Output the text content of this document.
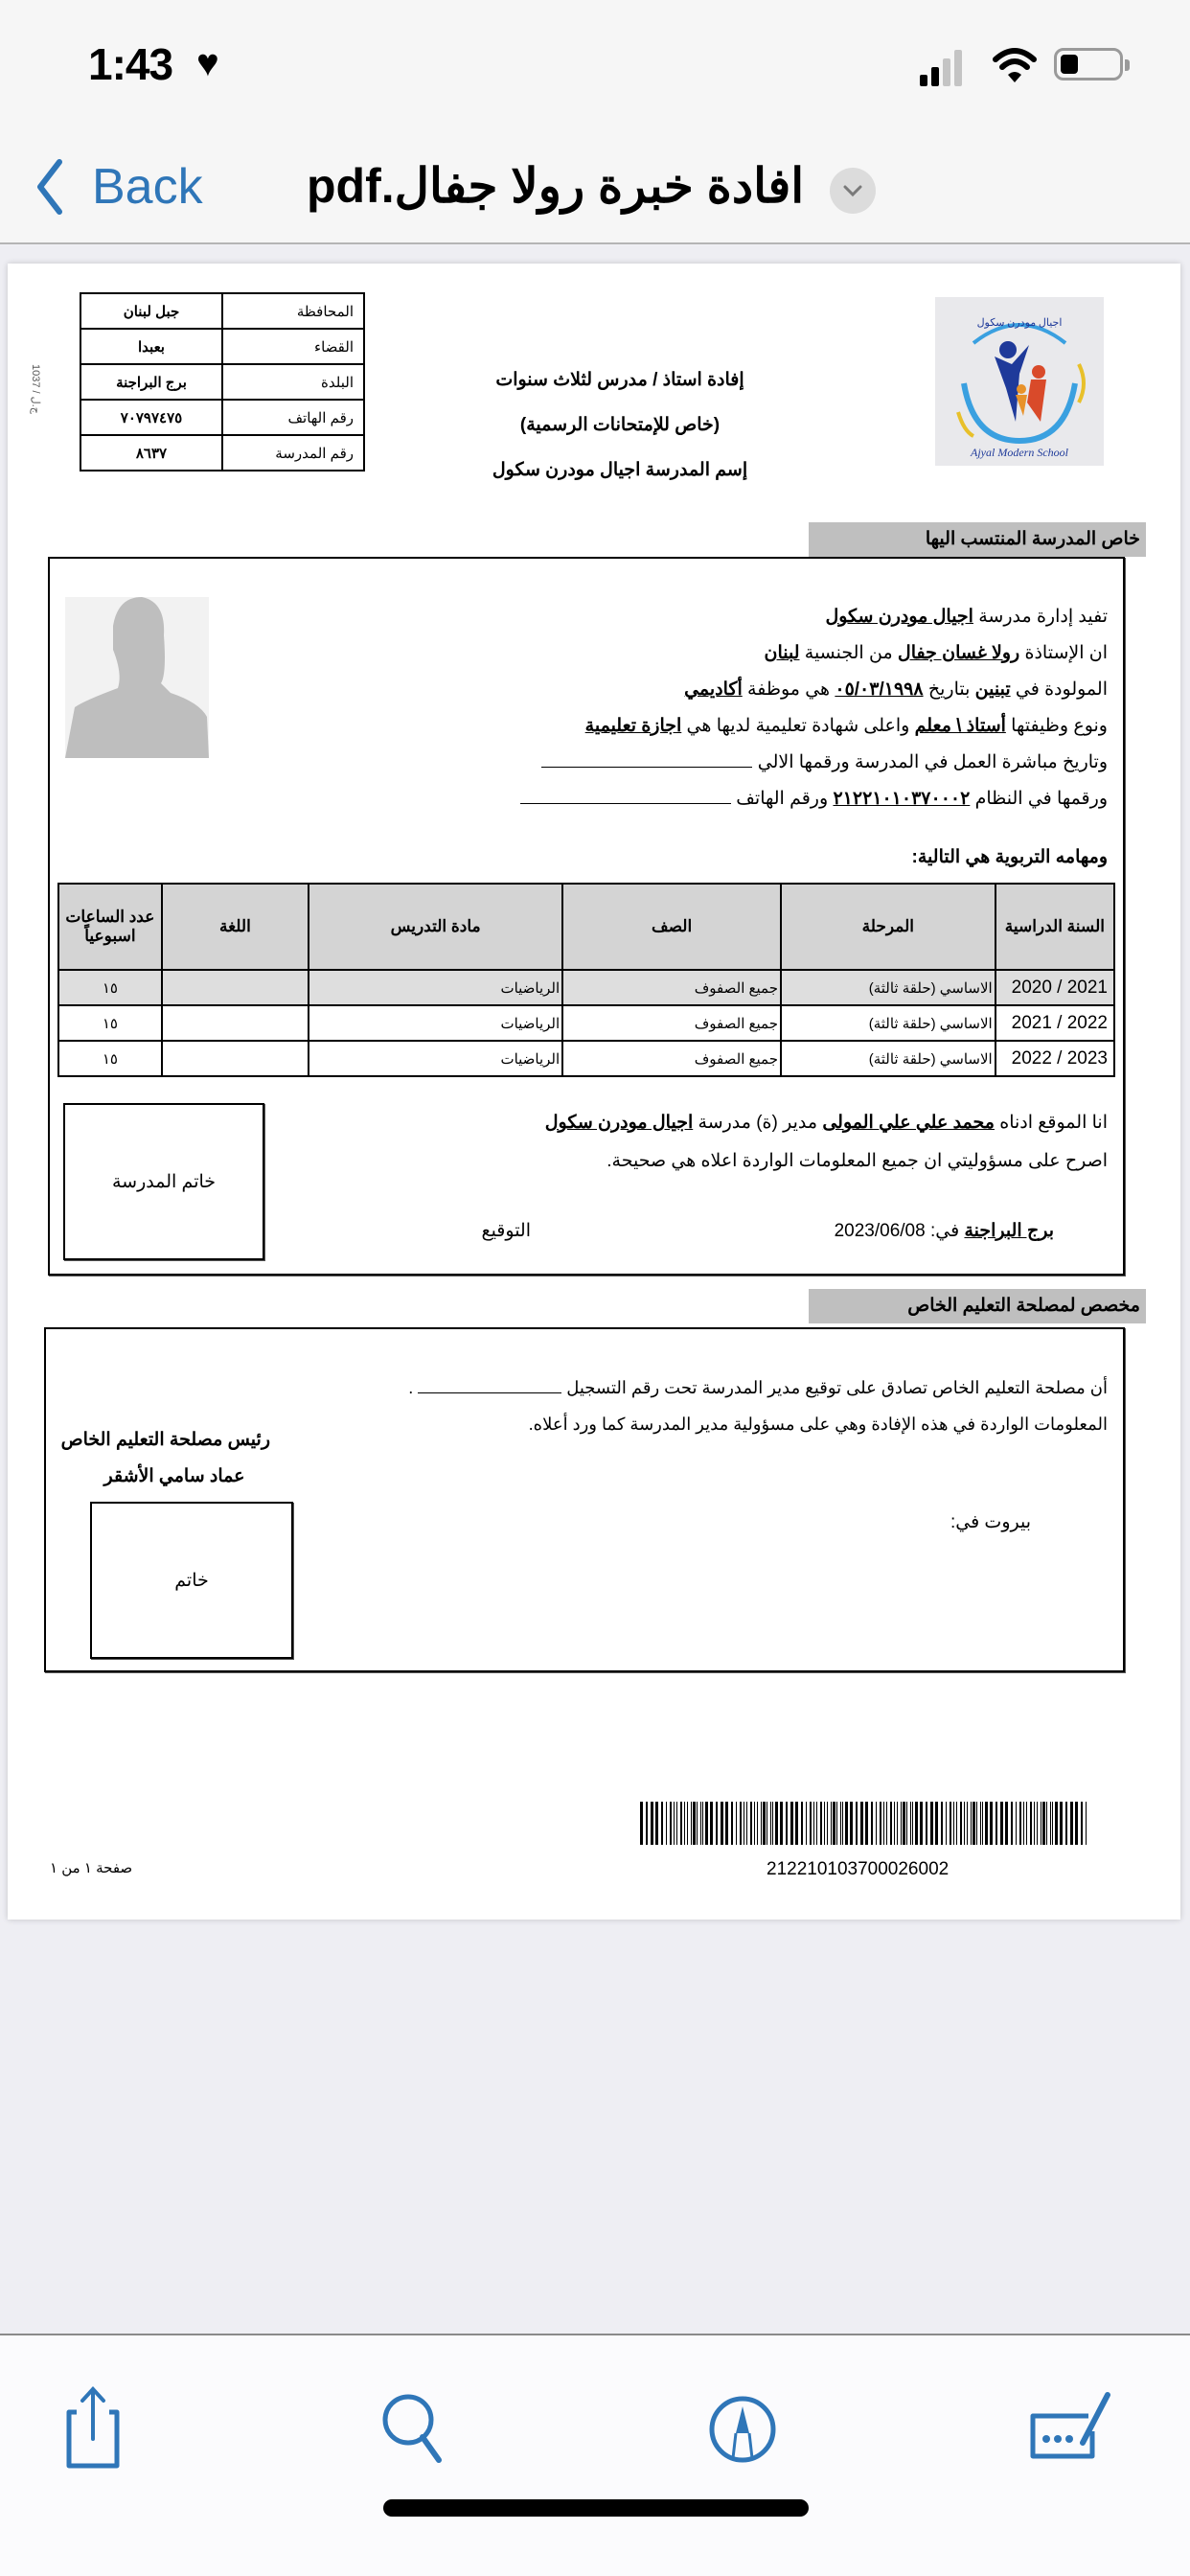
1:43 ♥
Back افادة خبرة رولا جفال.pdf
اجيال مودرن سكول
Ajyal Modern School
إفادة استاذ / مدرس لثلاث سنوات
(خاص للإمتحانات الرسمية)
إسم المدرسة اجيال مودرن سكول
المحافظة	جبل لبنان
القضاء	بعبدا
البلدة	برج البراجنة
رقم الهاتف	٧٠٧٩٧٤٧٥
رقم المدرسة	٨٦٣٧
ج.ل / 1037
خاص المدرسة المنتسب اليها
تفيد إدارة مدرسة اجيال مودرن سكول
ان الإستاذة رولا غسان جفال من الجنسية لبنان
المولودة في تبنين بتاريخ ٠٥/٠٣/١٩٩٨ هي موظفة أكاديمي
ونوع وظيفتها أستاذ \ معلم واعلى شهادة تعليمية لديها هي اجازة تعليمية
وتاريخ مباشرة العمل في المدرسة ورقمها الالي
ورقمها في النظام ٢١٢٢١٠١٠٣٧٠٠٠٢ ورقم الهاتف
ومهامه التربوية هي التالية:
السنة الدراسية	المرحلة	الصف	مادة التدريس	اللغة	عدد الساعات اسبوعياً
2020 / 2021	الاساسي (حلقة ثالثة)	جميع الصفوف	الرياضيات		١٥
2021 / 2022	الاساسي (حلقة ثالثة)	جميع الصفوف	الرياضيات		١٥
2022 / 2023	الاساسي (حلقة ثالثة)	جميع الصفوف	الرياضيات		١٥
انا الموقع ادناه محمد علي علي المولى مدير (ة) مدرسة اجيال مودرن سكول
اصرح على مسؤوليتي ان جميع المعلومات الواردة اعلاه هي صحيحة.
برج البراجنة في: 2023/06/08
التوقيع
خاتم المدرسة
مخصص لمصلحة التعليم الخاص
أن مصلحة التعليم الخاص تصادق على توقيع مدير المدرسة تحت رقم التسجيل  .
المعلومات الواردة في هذه الإفادة وهي على مسؤولية مدير المدرسة كما ورد أعلاه.
رئيس مصلحة التعليم الخاص
عماد سامي الأشقر
بيروت في:
خاتم
212210103700026002
صفحة ١ من ١
